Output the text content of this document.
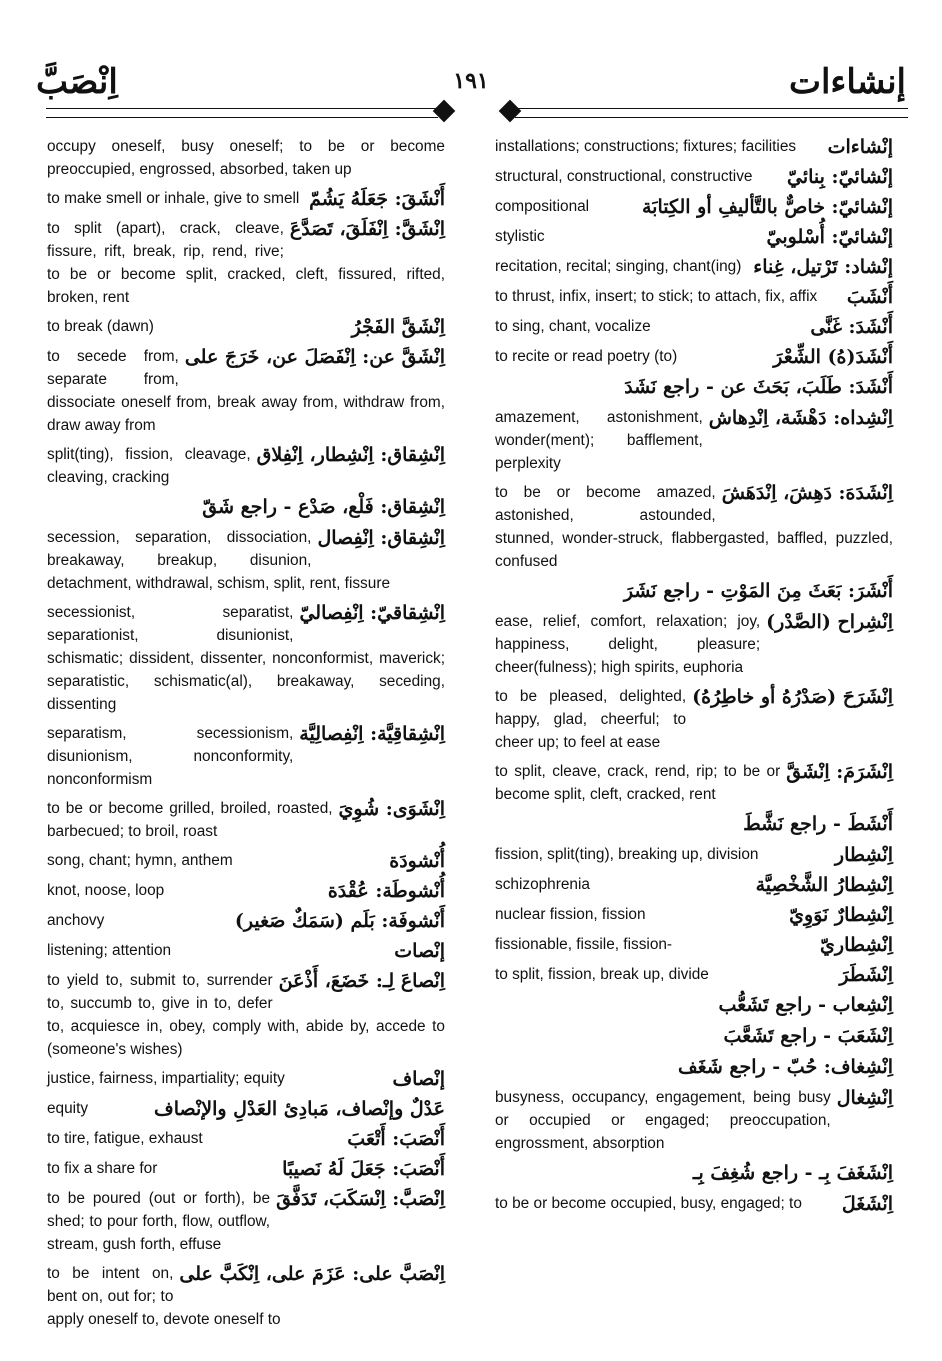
اِنْصَبَّ	١٩١	إنشاءات
occupy oneself, busy oneself; to be or become preoccupied, engrossed, absorbed, taken up
أَنْشَقَ: جَعَلَهُ يَشُمّ
to make smell or inhale, give to smell
اِنْشَقَّ: اِنْفَلَقَ، تَصَدَّعَ
to split (apart), crack, cleave, fissure, rift, break, rip, rend, rive; to be or become split, cracked, cleft, fissured, rifted, broken, rent
اِنْشَقَّ الفَجْرُ
to break (dawn)
اِنْشَقَّ عن: اِنْفَصَلَ عن، خَرَجَ على
to secede from, separate from, dissociate oneself from, break away from, withdraw from, draw away from
اِنْشِقاق: اِنْشِطار، اِنْفِلاق
split(ting), fission, cleavage, cleaving, cracking
اِنْشِقاق: فَلْع، صَدْع - راجع شَقّ
اِنْشِقاق: اِنْفِصال
secession, separation, dissociation, breakaway, breakup, disunion, detachment, withdrawal, schism, split, rent, fissure
اِنْشِقاقيّ: اِنْفِصاليّ
secessionist, separatist, separationist, disunionist, schismatic; dissident, dissenter, nonconformist, maverick; separatistic, schismatic(al), breakaway, seceding, dissenting
اِنْشِقاقِيَّة: اِنْفِصالِيَّة
separatism, secessionism, disunionism, nonconformity, nonconformism
اِنْشَوَى: شُوِيَ
to be or become grilled, broiled, roasted, barbecued; to broil, roast
أُنْشودَة
song, chant; hymn, anthem
أُنْشوطَة: عُقْدَة
knot, noose, loop
أَنْشوفَة: بَلَم (سَمَكٌ صَغير)
anchovy
إنْصات
listening; attention
اِنْصاعَ لِـ: خَضَعَ، أَذْعَنَ
to yield to, submit to, surrender to, succumb to, give in to, defer to, acquiesce in, obey, comply with, abide by, accede to (someone's wishes)
إنْصاف
justice, fairness, impartiality; equity
عَدْلٌ وإنْصاف، مَبادِئ العَدْلِ والإنْصاف
equity
أَنْصَبَ: أَتْعَبَ
to tire, fatigue, exhaust
أَنْصَبَ: جَعَلَ لَهُ نَصيبًا
to fix a share for
اِنْصَبَّ: اِنْسَكَبَ، تَدَفَّقَ
to be poured (out or forth), be shed; to pour forth, flow, outflow, stream, gush forth, effuse
اِنْصَبَّ على: عَزَمَ على، اِنْكَبَّ على
to be intent on, bent on, out for; to apply oneself to, devote oneself to
إنْشاءات
installations; constructions; fixtures; facilities
إنْشائيّ: بِنائيّ
structural, constructional, constructive
إنْشائيّ: خاصٌّ بالتَّأليفِ أو الكِتابَة
compositional
إنْشائيّ: أُسْلوبيّ
stylistic
إنْشاد: تَرْتيل، غِناء
recitation, recital; singing, chant(ing)
أَنْشَبَ
to thrust, infix, insert; to stick; to attach, fix, affix
أَنْشَدَ: غَنَّى
to sing, chant, vocalize
أَنْشَدَ(هُ) الشِّعْرَ
to recite or read poetry (to)
أَنْشَدَ: طَلَبَ، بَحَثَ عن - راجع نَشَدَ
اِنْشِداه: دَهْشَة، اِنْدِهاش
amazement, astonishment, wonder(ment); bafflement, perplexity
اِنْشَدَهَ: دَهِشَ، اِنْدَهَشَ
to be or become amazed, astonished, astounded, stunned, wonder-struck, flabbergasted, baffled, puzzled, confused
أَنْشَرَ: بَعَثَ مِنَ المَوْتِ - راجع نَشَرَ
اِنْشِراح (الصَّدْر)
ease, relief, comfort, relaxation; joy, happiness, delight, pleasure; cheer(fulness); high spirits, euphoria
اِنْشَرَحَ (صَدْرُهُ أو خاطِرُهُ)
to be pleased, delighted, happy, glad, cheerful; to cheer up; to feel at ease
اِنْشَرَمَ: اِنْشَقَّ
to split, cleave, crack, rend, rip; to be or become split, cleft, cracked, rent
أَنْشَطَ - راجع نَشَّطَ
اِنْشِطار
fission, split(ting), breaking up, division
اِنْشِطارُ الشَّخْصِيَّة
schizophrenia
اِنْشِطارٌ نَوَوِيّ
nuclear fission, fission
اِنْشِطاريّ
fissionable, fissile, fission-
اِنْشَطَرَ
to split, fission, break up, divide
اِنْشِعاب - راجع تَشَعُّب
اِنْشَعَبَ - راجع تَشَعَّبَ
اِنْشِغاف: حُبّ - راجع شَغَف
اِنْشِغال
busyness, occupancy, engagement, being busy or occupied or engaged; preoccupation, engrossment, absorption
اِنْشَغَفَ بِـ - راجع شُغِفَ بِـ
اِنْشَغَلَ
to be or become occupied, busy, engaged; to
